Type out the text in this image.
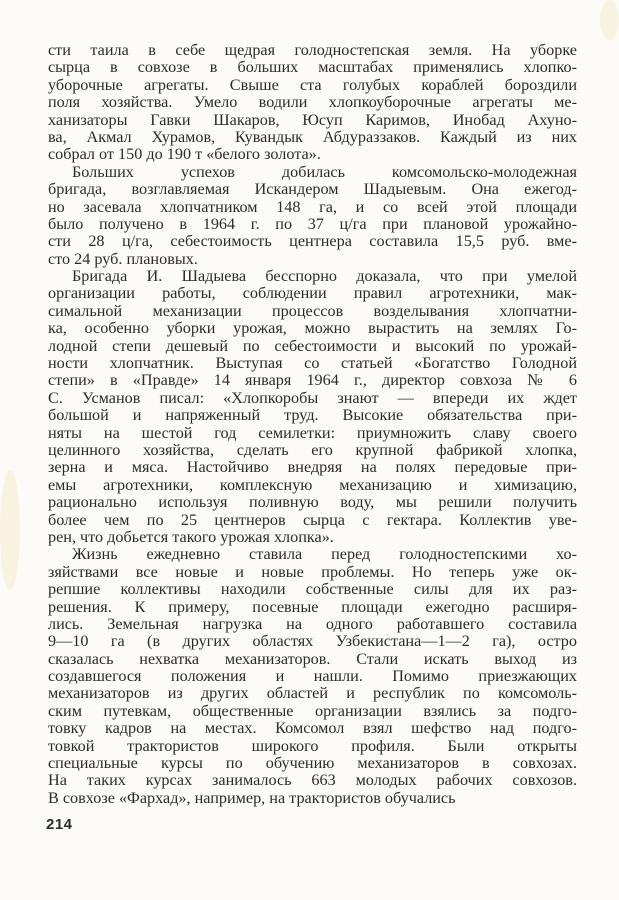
сти таила в себе щедрая голодностепская земля. На уборке
сырца в совхозе в больших масштабах применялись хлопко-
уборочные агрегаты. Свыше ста голубых кораблей бороздили
поля хозяйства. Умело водили хлопкоуборочные агрегаты ме-
ханизаторы Гавки Шакаров, Юсуп Каримов, Инобад Ахуно-
ва, Акмал Хурамов, Кувандык Абдураззаков. Каждый из них
собрал от 150 до 190 т «белого золота».
Больших успехов добилась комсомольско-молодежная
бригада, возглавляемая Искандером Шадыевым. Она ежегод-
но засевала хлопчатником 148 га, и со всей этой площади
было получено в 1964 г. по 37 ц/га при плановой урожайно-
сти 28 ц/га, себестоимость центнера составила 15,5 руб. вме-
сто 24 руб. плановых.
Бригада И. Шадыева бесспорно доказала, что при умелой
организации работы, соблюдении правил агротехники, мак-
симальной механизации процессов возделывания хлопчатни-
ка, особенно уборки урожая, можно вырастить на землях Го-
лодной степи дешевый по себестоимости и высокий по урожай-
ности хлопчатник. Выступая со статьей «Богатство Голодной
степи» в «Правде» 14 января 1964 г., директор совхоза № 6
С. Усманов писал: «Хлопкоробы знают — впереди их ждет
большой и напряженный труд. Высокие обязательства при-
няты на шестой год семилетки: приумножить славу своего
целинного хозяйства, сделать его крупной фабрикой хлопка,
зерна и мяса. Настойчиво внедряя на полях передовые при-
емы агротехники, комплексную механизацию и химизацию,
рационально используя поливную воду, мы решили получить
более чем по 25 центнеров сырца с гектара. Коллектив уве-
рен, что добьется такого урожая хлопка».
Жизнь ежедневно ставила перед голодностепскими хо-
зяйствами все новые и новые проблемы. Но теперь уже ок-
репшие коллективы находили собственные силы для их раз-
решения. К примеру, посевные площади ежегодно расширя-
лись. Земельная нагрузка на одного работавшего составила
9—10 га (в других областях Узбекистана—1—2 га), остро
сказалась нехватка механизаторов. Стали искать выход из
создавшегося положения и нашли. Помимо приезжающих
механизаторов из других областей и республик по комсомоль-
ским путевкам, общественные организации взялись за подго-
товку кадров на местах. Комсомол взял шефство над подго-
товкой трактористов широкого профиля. Были открыты
специальные курсы по обучению механизаторов в совхозах.
На таких курсах занималось 663 молодых рабочих совхозов.
В совхозе «Фархад», например, на трактористов обучались
214
